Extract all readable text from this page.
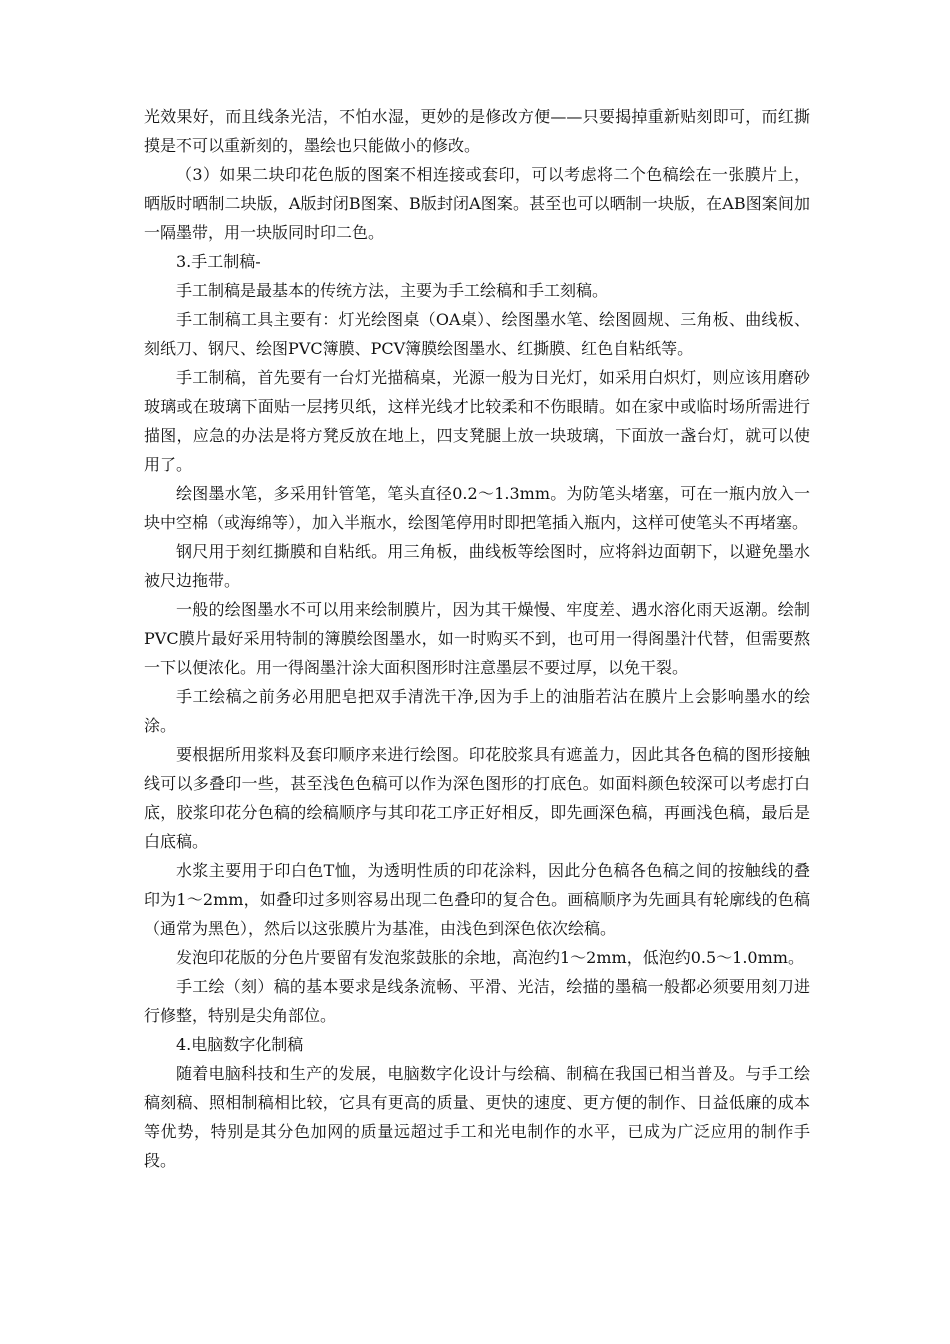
光效果好，而且线条光洁，不怕水湿，更妙的是修改方便——只要揭掉重新贴刻即可，而红撕摸是不可以重新刻的，墨绘也只能做小的修改。

（3）如果二块印花色版的图案不相连接或套印，可以考虑将二个色稿绘在一张膜片上，晒版时晒制二块版，A版封闭B图案、B版封闭A图案。甚至也可以晒制一块版，在AB图案间加一隔墨带，用一块版同时印二色。

3.手工制稿-

手工制稿是最基本的传统方法，主要为手工绘稿和手工刻稿。

手工制稿工具主要有：灯光绘图桌（OA桌）、绘图墨水笔、绘图圆规、三角板、曲线板、刻纸刀、钢尺、绘图PVC簿膜、PCV簿膜绘图墨水、红撕膜、红色自粘纸等。

手工制稿，首先要有一台灯光描稿桌，光源一般为日光灯，如采用白炽灯，则应该用磨砂玻璃或在玻璃下面贴一层拷贝纸，这样光线才比较柔和不伤眼睛。如在家中或临时场所需进行描图，应急的办法是将方凳反放在地上，四支凳腿上放一块玻璃，下面放一盏台灯，就可以使用了。

绘图墨水笔，多采用针管笔，笔头直径0.2～1.3mm。为防笔头堵塞，可在一瓶内放入一块中空棉（或海绵等），加入半瓶水，绘图笔停用时即把笔插入瓶内，这样可使笔头不再堵塞。

钢尺用于刻红撕膜和自粘纸。用三角板，曲线板等绘图时，应将斜边面朝下，以避免墨水被尺边拖带。

一般的绘图墨水不可以用来绘制膜片，因为其干燥慢、牢度差、遇水溶化雨天返潮。绘制PVC膜片最好采用特制的簿膜绘图墨水，如一时购买不到，也可用一得阁墨汁代替，但需要熬一下以便浓化。用一得阁墨汁涂大面积图形时注意墨层不要过厚，以免干裂。

手工绘稿之前务必用肥皂把双手清洗干净,因为手上的油脂若沾在膜片上会影响墨水的绘涂。

要根据所用浆料及套印顺序来进行绘图。印花胶浆具有遮盖力，因此其各色稿的图形接触线可以多叠印一些，甚至浅色色稿可以作为深色图形的打底色。如面料颜色较深可以考虑打白底，胶浆印花分色稿的绘稿顺序与其印花工序正好相反，即先画深色稿，再画浅色稿，最后是白底稿。

水浆主要用于印白色T恤，为透明性质的印花涂料，因此分色稿各色稿之间的按触线的叠印为1～2mm，如叠印过多则容易出现二色叠印的复合色。画稿顺序为先画具有轮廓线的色稿（通常为黑色），然后以这张膜片为基准，由浅色到深色依次绘稿。

发泡印花版的分色片要留有发泡浆鼓胀的余地，高泡约1～2mm，低泡约0.5～1.0mm。

手工绘（刻）稿的基本要求是线条流畅、平滑、光洁，绘描的墨稿一般都必须要用刻刀进行修整，特别是尖角部位。

4.电脑数字化制稿

随着电脑科技和生产的发展，电脑数字化设计与绘稿、制稿在我国已相当普及。与手工绘稿刻稿、照相制稿相比较，它具有更高的质量、更快的速度、更方便的制作、日益低廉的成本等优势，特别是其分色加网的质量远超过手工和光电制作的水平，已成为广泛应用的制作手段。
